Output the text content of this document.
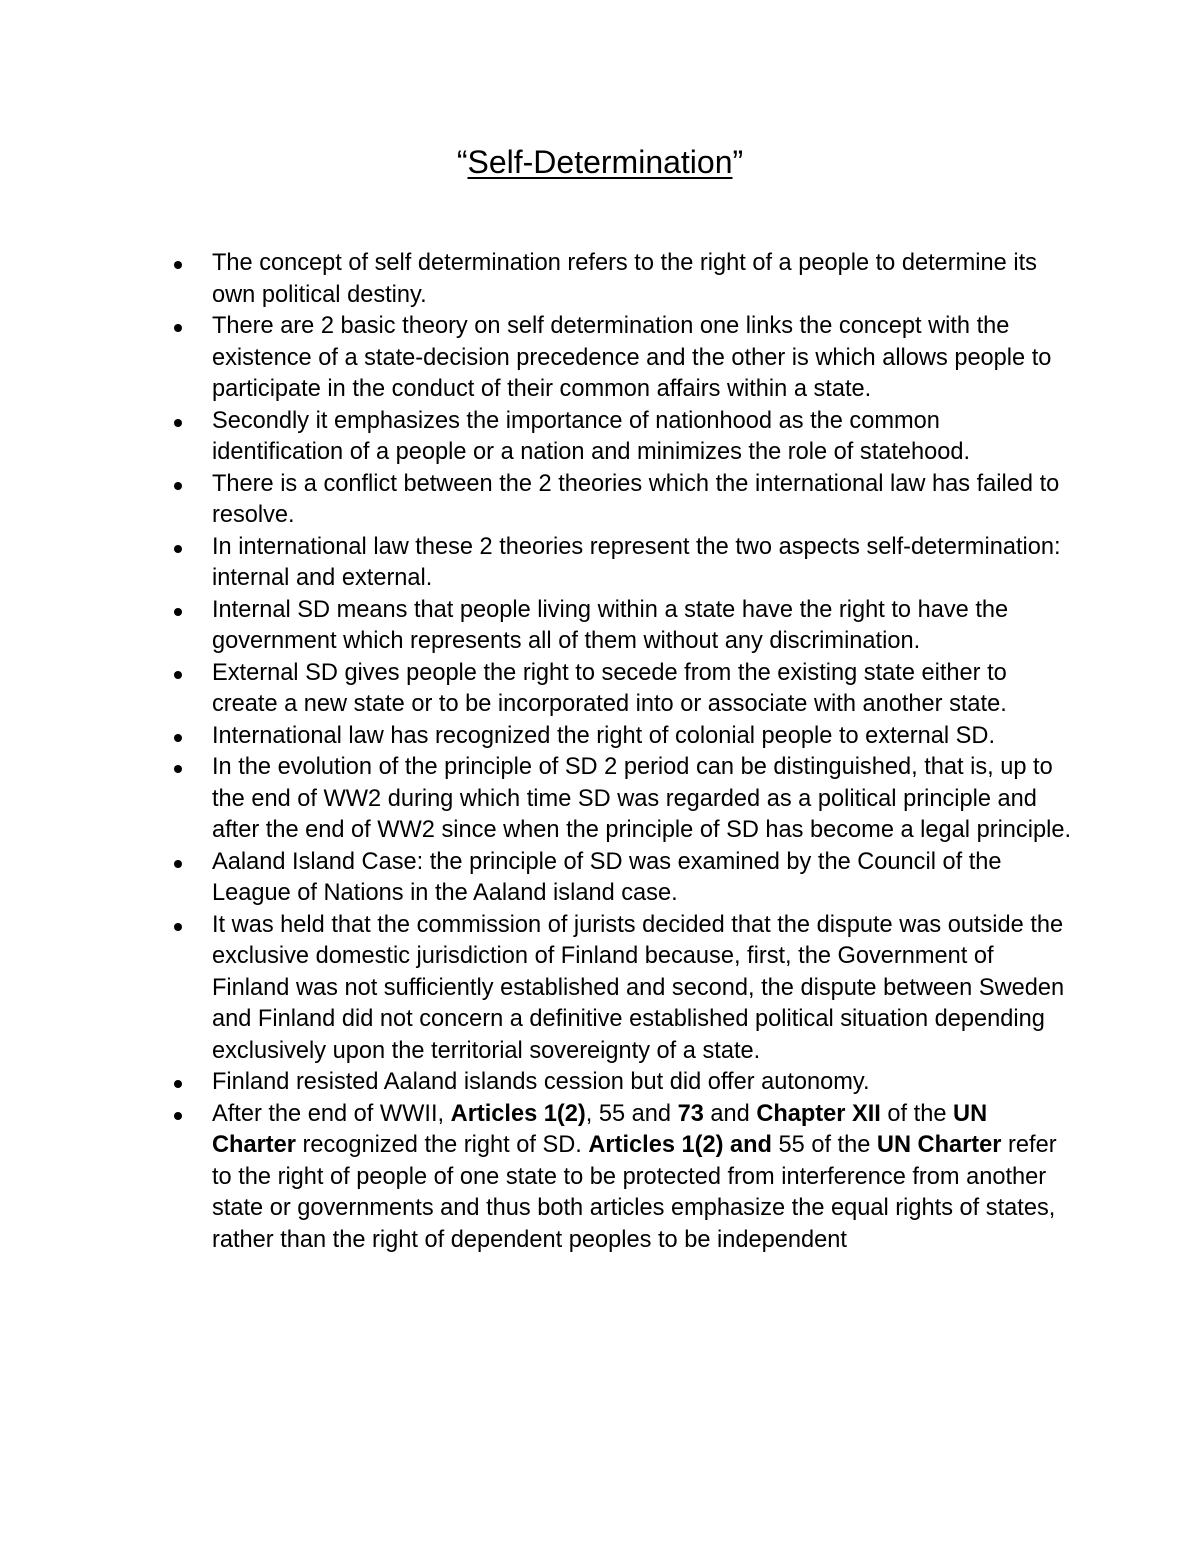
“Self-Determination”
The concept of self determination refers to the right of a people to determine its own political destiny.
There are 2 basic theory on self determination one links the concept with the existence of a state-decision precedence and the other is which allows people to participate in the conduct of their common affairs within a state.
Secondly it emphasizes the importance of nationhood as the common identification of a people or a nation and minimizes the role of statehood.
There is a conflict between the 2 theories which the international law has failed to resolve.
In international law these 2 theories represent the two aspects self-determination: internal and external.
Internal SD means that people living within a state have the right to have the government which represents all of them without any discrimination.
External SD gives people the right to secede from the existing state either to create a new state or to be incorporated into or associate with another state.
International law has recognized the right of colonial people to external SD.
In the evolution of the principle of SD 2 period can be distinguished, that is, up to the end of WW2 during which time SD was regarded as a political principle and after the end of WW2 since when the principle of SD has become a legal principle.
Aaland Island Case: the principle of SD was examined by the Council of the League of Nations in the Aaland island case.
It was held that the commission of jurists decided that the dispute was outside the exclusive domestic jurisdiction of Finland because, first, the Government of Finland was not sufficiently established and second, the dispute between Sweden and Finland did not concern a definitive established political situation depending exclusively upon the territorial sovereignty of a state.
Finland resisted Aaland islands cession but did offer autonomy.
After the end of WWII, Articles 1(2), 55 and 73 and Chapter XII of the UN Charter recognized the right of SD. Articles 1(2) and 55 of the UN Charter refer to the right of people of one state to be protected from interference from another state or governments and thus both articles emphasize the equal rights of states, rather than the right of dependent peoples to be independent
